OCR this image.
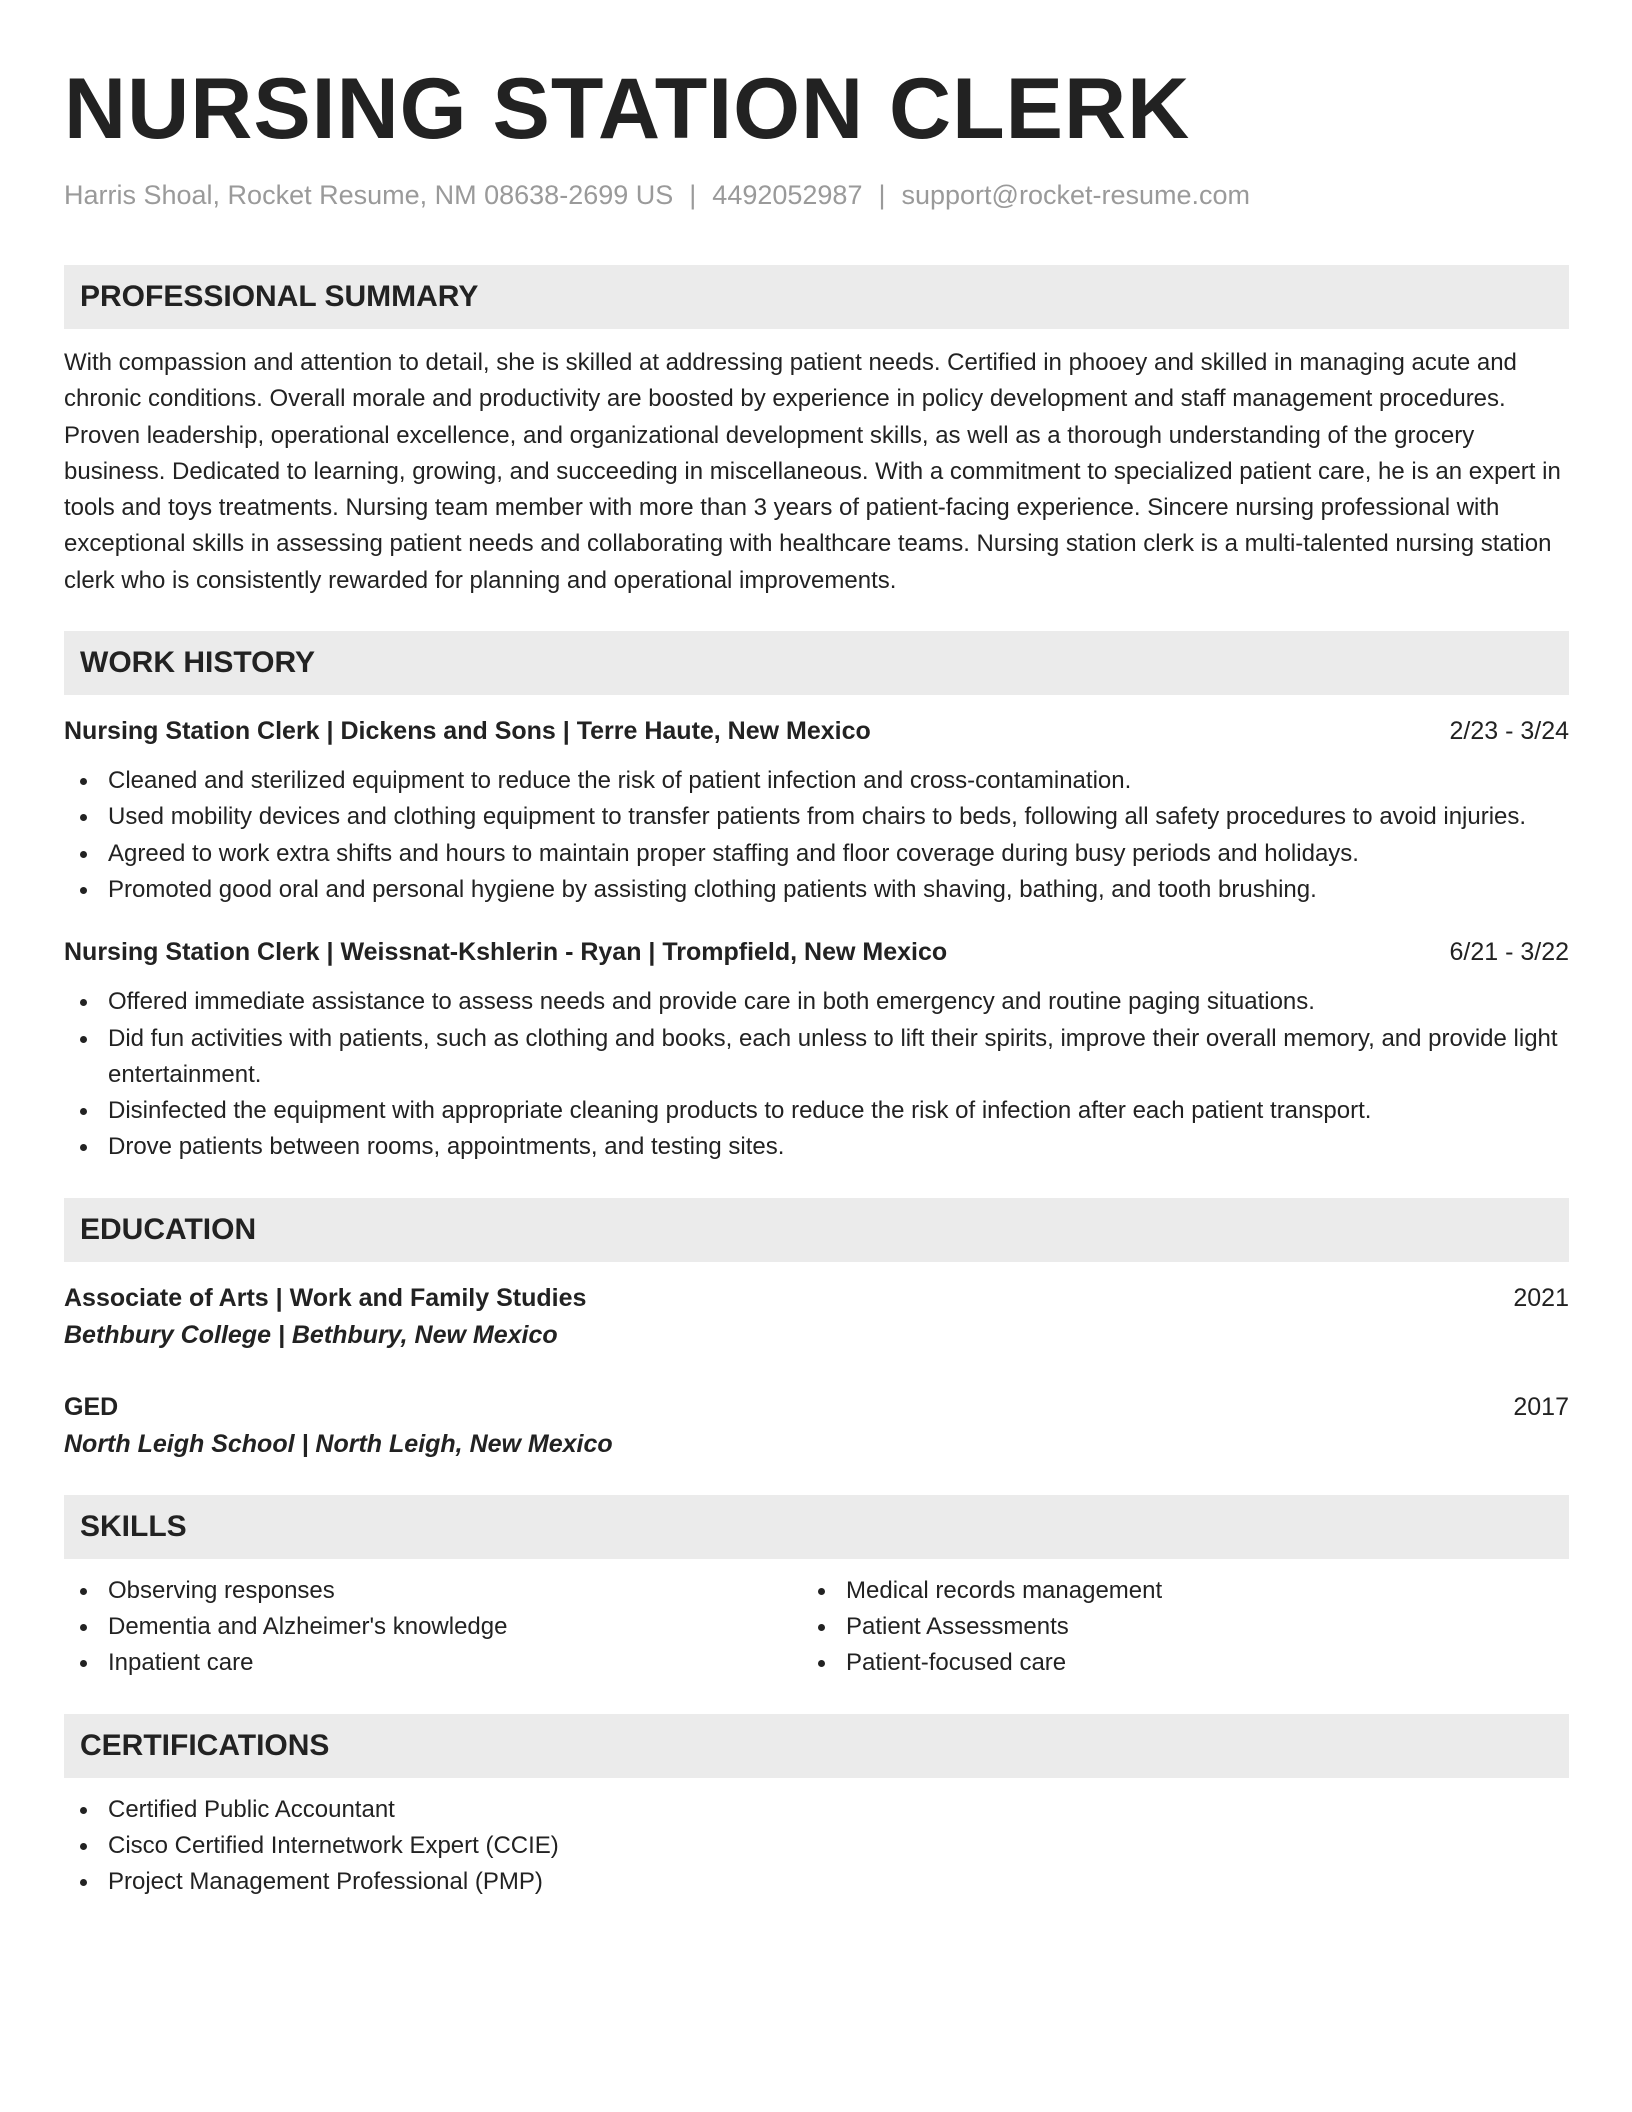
NURSING STATION CLERK
Harris Shoal, Rocket Resume, NM 08638-2699 US | 4492052987 | support@rocket-resume.com
PROFESSIONAL SUMMARY
With compassion and attention to detail, she is skilled at addressing patient needs. Certified in phooey and skilled in managing acute and chronic conditions. Overall morale and productivity are boosted by experience in policy development and staff management procedures. Proven leadership, operational excellence, and organizational development skills, as well as a thorough understanding of the grocery business. Dedicated to learning, growing, and succeeding in miscellaneous. With a commitment to specialized patient care, he is an expert in tools and toys treatments. Nursing team member with more than 3 years of patient-facing experience. Sincere nursing professional with exceptional skills in assessing patient needs and collaborating with healthcare teams. Nursing station clerk is a multi-talented nursing station clerk who is consistently rewarded for planning and operational improvements.
WORK HISTORY
Nursing Station Clerk | Dickens and Sons | Terre Haute, New Mexico	2/23 - 3/24
Cleaned and sterilized equipment to reduce the risk of patient infection and cross-contamination.
Used mobility devices and clothing equipment to transfer patients from chairs to beds, following all safety procedures to avoid injuries.
Agreed to work extra shifts and hours to maintain proper staffing and floor coverage during busy periods and holidays.
Promoted good oral and personal hygiene by assisting clothing patients with shaving, bathing, and tooth brushing.
Nursing Station Clerk | Weissnat-Kshlerin - Ryan | Trompfield, New Mexico	6/21 - 3/22
Offered immediate assistance to assess needs and provide care in both emergency and routine paging situations.
Did fun activities with patients, such as clothing and books, each unless to lift their spirits, improve their overall memory, and provide light entertainment.
Disinfected the equipment with appropriate cleaning products to reduce the risk of infection after each patient transport.
Drove patients between rooms, appointments, and testing sites.
EDUCATION
Associate of Arts | Work and Family Studies	2021
Bethbury College | Bethbury, New Mexico
GED	2017
North Leigh School | North Leigh, New Mexico
SKILLS
Observing responses
Dementia and Alzheimer's knowledge
Inpatient care
Medical records management
Patient Assessments
Patient-focused care
CERTIFICATIONS
Certified Public Accountant
Cisco Certified Internetwork Expert (CCIE)
Project Management Professional (PMP)
